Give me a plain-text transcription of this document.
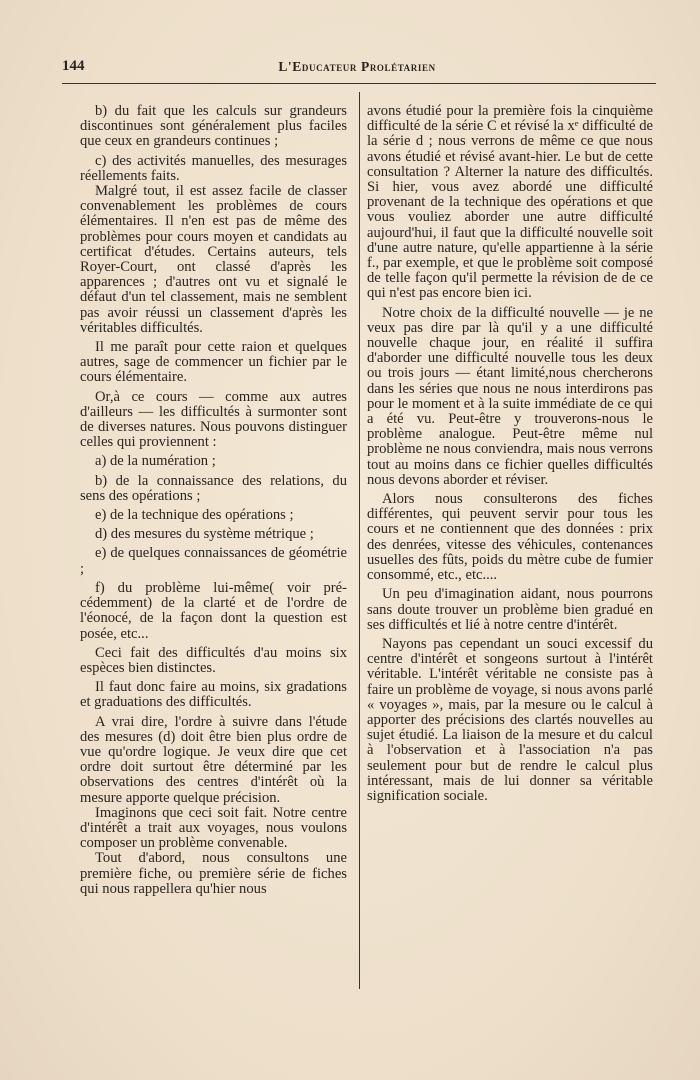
144	L'Educateur Prolétarien

b) du fait que les calculs sur grandeurs discontinues sont généralement plus faciles que ceux en grandeurs continues ;

c) des activités manuelles, des mesurages réellements faits.

Malgré tout, il est assez facile de classer convenablement les problèmes de cours élémentaires. Il n'en est pas de même des problèmes pour cours moyen et candidats au certificat d'études. Certains auteurs, tels Royer-Court, ont classé d'après les apparences ; d'autres ont vu et signalé le défaut d'un tel classement, mais ne semblent pas avoir réussi un classement d'après les véritables difficultés.

Il me paraît pour cette raion et quelques autres, sage de commencer un fichier par le cours élémentaire.

Or,à ce cours — comme aux autres d'ailleurs — les difficultés à surmonter sont de diverses natures. Nous pouvons distinguer celles qui proviennent :

a) de la numération ;

b) de la connaissance des relations, du sens des opérations ;

e) de la technique des opérations ;

d) des mesures du système métrique ;

e) de quelques connaissances de géométrie ;

f) du problème lui-même( voir précédemment) de la clarté et de l'ordre de l'éonocé, de la façon dont la question est posée, etc...

Ceci fait des difficultés d'au moins six espèces bien distinctes.

Il faut donc faire au moins, six gradations et graduations des difficultés.

A vrai dire, l'ordre à suivre dans l'étude des mesures (d) doit être bien plus ordre de vue qu'ordre logique. Je veux dire que cet ordre doit surtout être déterminé par les observations des centres d'intérêt où la mesure apporte quelque précision.

Imaginons que ceci soit fait. Notre centre d'intérêt a trait aux voyages, nous voulons composer un problème convenable.

Tout d'abord, nous consultons une première fiche, ou première série de fiches qui nous rappellera qu'hier nous

avons étudié pour la première fois la cinquième difficulté de la série C et révisé la xᵉ difficulté de la série d ; nous verrons de même ce que nous avons étudié et révisé avant-hier. Le but de cette consultation ? Alterner la nature des difficultés. Si hier, vous avez abordé une difficulté provenant de la technique des opérations et que vous vouliez aborder une autre difficulté aujourd'hui, il faut que la difficulté nouvelle soit d'une autre nature, qu'elle appartienne à la série f., par exemple, et que le problème soit composé de telle façon qu'il permette la révision de de ce qui n'est pas encore bien ici.

Notre choix de la difficulté nouvelle — je ne veux pas dire par là qu'il y a une difficulté nouvelle chaque jour, en réalité il suffira d'aborder une difficulté nouvelle tous les deux ou trois jours — étant limité,nous chercherons dans les séries que nous ne nous interdirons pas pour le moment et à la suite immédiate de ce qui a été vu. Peut-être y trouverons-nous le problème analogue. Peut-être même nul problème ne nous conviendra, mais nous verrons tout au moins dans ce fichier quelles difficultés nous devons aborder et réviser.

Alors nous consulterons des fiches différentes, qui peuvent servir pour tous les cours et ne contiennent que des données : prix des denrées, vitesse des véhicules, contenances usuelles des fûts, poids du mètre cube de fumier consommé, etc., etc....

Un peu d'imagination aidant, nous pourrons sans doute trouver un problème bien gradué en ses difficultés et lié à notre centre d'intérêt.

Nayons pas cependant un souci excessif du centre d'intérêt et songeons surtout à l'intérêt véritable. L'intérêt véritable ne consiste pas à faire un problème de voyage, si nous avons parlé « voyages », mais, par la mesure ou le calcul à apporter des précisions des clartés nouvelles au sujet étudié. La liaison de la mesure et du calcul à l'observation et à l'association n'a pas seulement pour but de rendre le calcul plus intéressant, mais de lui donner sa véritable signification sociale.
